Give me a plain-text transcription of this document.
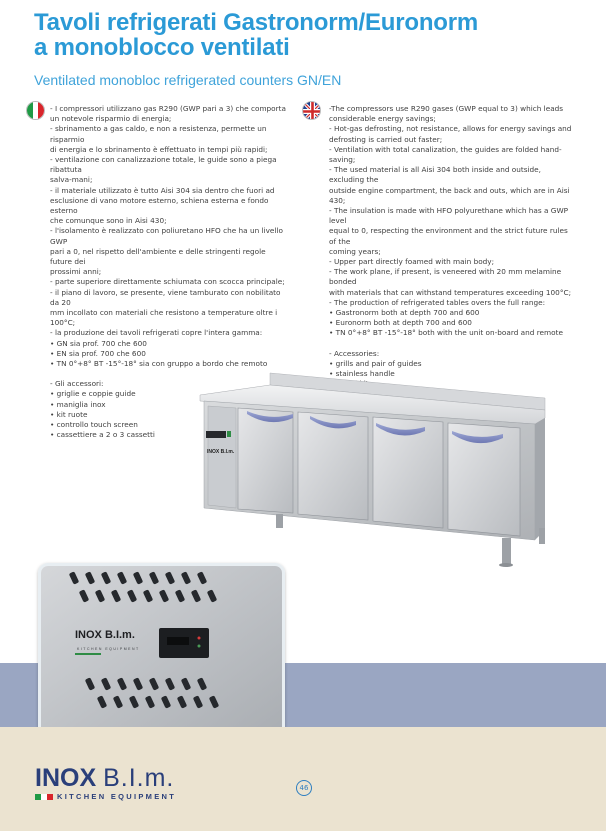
Tavoli refrigerati Gastronorm/Euronorm
a monoblocco ventilati
Ventilated monobloc refrigerated counters GN/EN

- I compressori utilizzano gas R290 (GWP pari a 3) che comporta

un notevole risparmio di energia;

- sbrinamento a gas caldo, e non a resistenza, permette un risparmio

di energia e lo sbrinamento è effettuato in tempi più rapidi;

- ventilazione con canalizzazione totale, le guide sono a piega ribattuta

salva-mani;

- il materiale utilizzato è tutto Aisi 304 sia dentro che fuori ad

esclusione di vano motore esterno, schiena esterna e fondo esterno

che comunque sono in Aisi 430;

- l'isolamento è realizzato con poliuretano HFO che ha un livello GWP

pari a 0, nel rispetto dell'ambiente e delle stringenti regole future dei

prossimi anni;

- parte superiore direttamente schiumata con scocca principale;

- il piano di lavoro, se presente, viene tamburato con nobilitato da 20

mm incollato con materiali che resistono a temperature oltre i 100°C;

- la produzione dei tavoli refrigerati copre l'intera gamma:

• GN sia prof. 700 che 600

• EN sia prof. 700 che 600

• TN 0°+8° BT -15°-18° sia con gruppo a bordo che remoto

- Gli accessori:

• griglie e coppie guide

• maniglia inox

• kit ruote

• controllo touch screen

• cassettiere a 2 o 3 cassetti

-The compressors use R290 gases (GWP equal to 3) which leads

considerable energy savings;

- Hot-gas defrosting, not resistance, allows for energy savings and

defrosting is carried out faster;

- Ventilation with total canalization, the guides are folded hand-saving;

- The used material is all Aisi 304 both inside and outside, excluding the

outside engine compartment, the back and outs, which are in Aisi 430;

- The insulation is made with HFO polyurethane which has a GWP level

equal to 0, respecting the environment and the strict future rules of the

coming years;

- Upper part directly foamed with main body;

- The work plane, if present, is veneered with 20 mm melamine bonded

with materials that can withstand temperatures exceeding 100°C;

- The production of refrigerated tables overs the full range:

• Gastronorm both at depth 700 and 600

• Euronorm both at depth 700 and 600

• TN 0°+8° BT -15°-18° both with the unit on-board and remote

- Accessories:

• grills and pair of guides

• stainless handle

INOX B.I.m.
INOX B.I.m.
KITCHEN EQUIPMENT
INOX B.I.m.
KITCHEN EQUIPMENT
46
